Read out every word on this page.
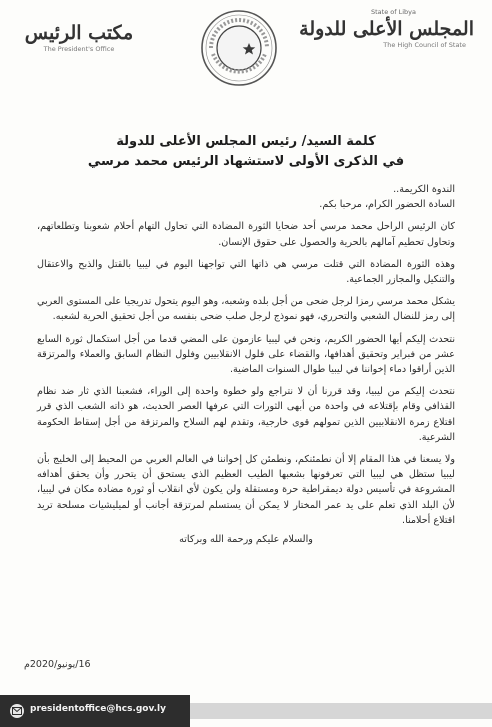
مكتب الرئيس
The President's Office
State of Libya
المجلس الأعلى للدولة
The High Council of State
كلمة السيد/ رئيس المجلس الأعلى للدولة
في الذكرى الأولى لاستشهاد الرئيس محمد مرسي

الندوة الكريمة..

السادة الحضور الكرام، مرحبا بكم.

كان الرئيس الراحل محمد مرسي أحد ضحايا الثورة المضادة التي تحاول التهام أحلام شعوبنا وتطلعاتهم، وتحاول تحطيم آمالهم بالحرية والحصول على حقوق الإنسان.

وهذه الثورة المضادة التي قتلت مرسي هي ذاتها التي تواجهنا اليوم في ليبيا بالقتل والذبح والاعتقال والتنكيل والمجازر الجماعية.

يشكل محمد مرسي رمزا لرجل ضحى من أجل بلده وشعبه، وهو اليوم يتحول تدريجيا على المستوى العربي إلى رمز للنضال الشعبي والتحرري، فهو نموذج لرجل صلب ضحى بنفسه من أجل تحقيق الحرية لشعبه.

نتحدث إليكم أيها الحضور الكريم، ونحن في ليبيا عازمون على المضي قدما من أجل استكمال ثورة السابع عشر من فبراير وتحقيق أهدافها، والقضاء على فلول الانقلابيين وفلول النظام السابق والعملاء والمرتزقة الذين أراقوا دماء إخواننا في ليبيا طوال السنوات الماضية.

نتحدث إليكم من ليبيا، وقد قررنا أن لا نتراجع ولو خطوة واحدة إلى الوراء، فشعبنا الذي ثار ضد نظام القذافي وقام بإقتلاعه في واحدة من أبهى الثورات التي عرفها العصر الحديث، هو ذاته الشعب الذي قرر اقتلاع زمرة الانقلابيين الذين تمولهم قوى خارجية، وتقدم لهم السلاح والمرتزقة من أجل إسقاط الحكومة الشرعية.

ولا يسعنا في هذا المقام إلا أن نطمئنكم، ونطمئن كل إخواننا في العالم العربي من المحيط إلى الخليج بأن ليبيا ستظل هي ليبيا التي تعرفونها بشعبها الطيب العظيم الذي يستحق أن يتحرر وأن يحقق أهدافه المشروعة في تأسيس دولة ديمقراطية حرة ومستقلة ولن يكون لأي انقلاب أو ثورة مضادة مكان في ليبيا، لأن البلد الذي تعلم على يد عمر المختار لا يمكن أن يستسلم لمرتزقة أجانب أو لميليشيات مسلحة تريد اقتلاع أحلامنا.

والسلام عليكم ورحمة الله وبركاته

16/يونيو/2020م
presidentoffice@hcs.gov.ly
